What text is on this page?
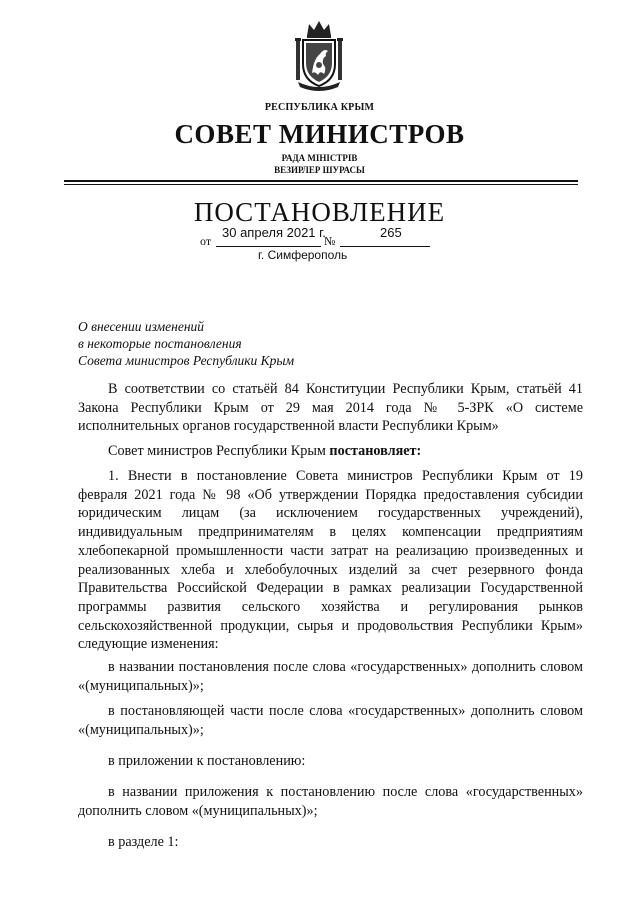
РЕСПУБЛИКА КРЫМ
СОВЕТ МИНИСТРОВ
РАДА МІНІСТРІВ
ВЕЗИРЛЕР ШУРАСЫ
ПОСТАНОВЛЕНИЕ
от
30 апреля 2021 г.
№
265
г. Симферополь
О внесении изменений
в некоторые постановления
Совета министров Республики Крым

В соответствии со статьёй 84 Конституции Республики Крым, статьёй 41 Закона Республики Крым от 29 мая 2014 года № 5-ЗРК «О системе исполнительных органов государственной власти Республики Крым»

Совет министров Республики Крым постановляет:

1. Внести в постановление Совета министров Республики Крым от 19 февраля 2021 года № 98 «Об утверждении Порядка предоставления субсидии юридическим лицам (за исключением государственных учреждений), индивидуальным предпринимателям в целях компенсации предприятиям хлебопекарной промышленности части затрат на реализацию произведенных и реализованных хлеба и хлебобулочных изделий за счет резервного фонда Правительства Российской Федерации в рамках реализации Государственной программы развития сельского хозяйства и регулирования рынков сельскохозяйственной продукции, сырья и продовольствия Республики Крым» следующие изменения:

в названии постановления после слова «государственных» дополнить словом «(муниципальных)»;

в постановляющей части после слова «государственных» дополнить словом «(муниципальных)»;

в приложении к постановлению:

в названии приложения к постановлению после слова «государственных» дополнить словом «(муниципальных)»;

в разделе 1:
